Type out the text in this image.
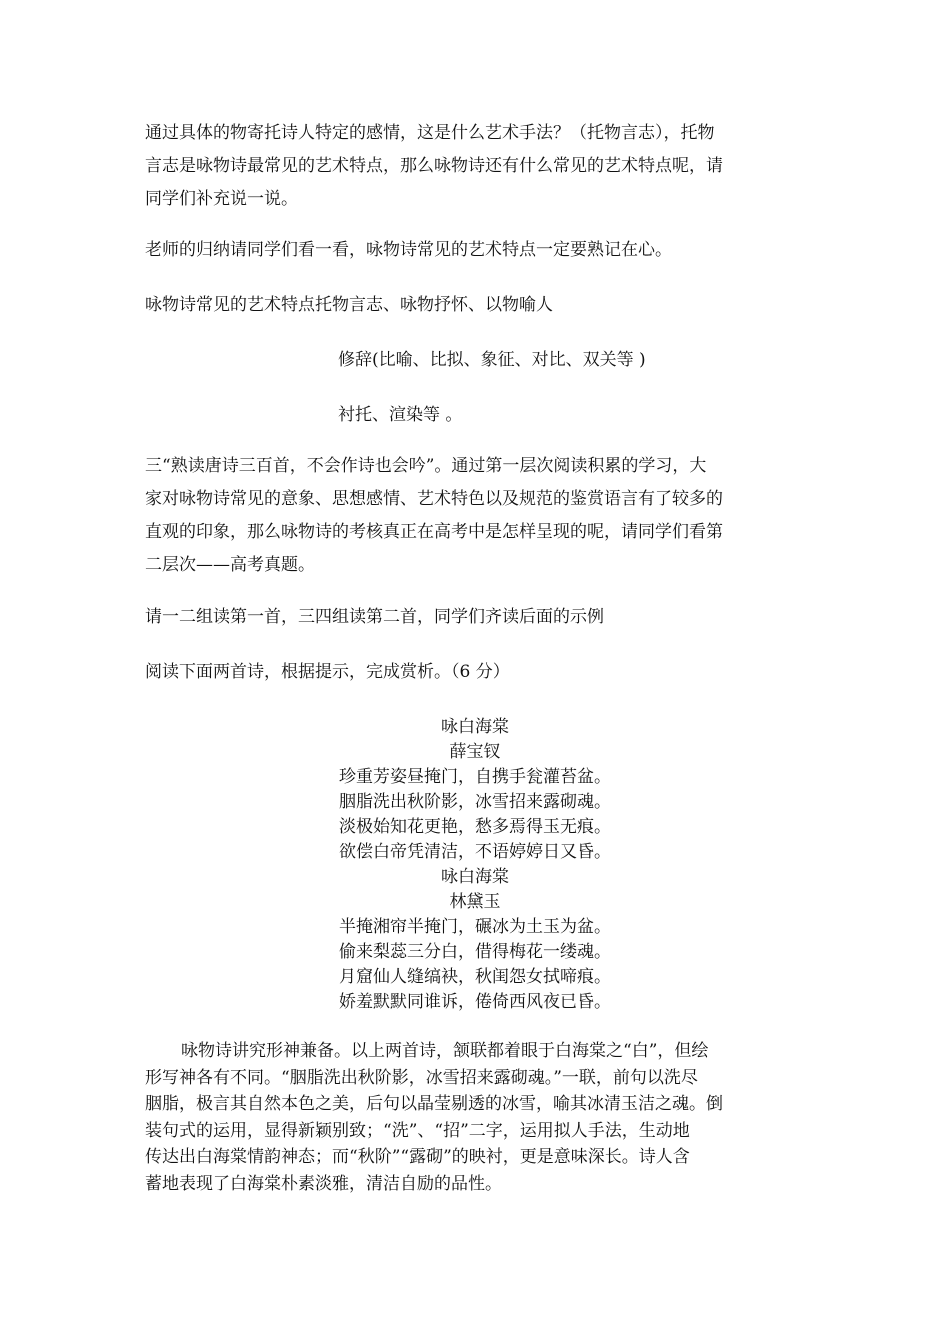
通过具体的物寄托诗人特定的感情，这是什么艺术手法？（托物言志），托物
言志是咏物诗最常见的艺术特点，那么咏物诗还有什么常见的艺术特点呢，请
同学们补充说一说。
老师的归纳请同学们看一看，咏物诗常见的艺术特点一定要熟记在心。
咏物诗常见的艺术特点托物言志、咏物抒怀、以物喻人
修辞(比喻、比拟、象征、对比、双关等 )
衬托、渲染等 。
三“熟读唐诗三百首，不会作诗也会吟”。通过第一层次阅读积累的学习，大
家对咏物诗常见的意象、思想感情、艺术特色以及规范的鉴赏语言有了较多的
直观的印象，那么咏物诗的考核真正在高考中是怎样呈现的呢，请同学们看第
二层次——高考真题。
请一二组读第一首，三四组读第二首，同学们齐读后面的示例
阅读下面两首诗，根据提示，完成赏析。（6 分）
咏白海棠
薛宝钗
珍重芳姿昼掩门，自携手瓮灌苔盆。
胭脂洗出秋阶影，冰雪招来露砌魂。
淡极始知花更艳，愁多焉得玉无痕。
欲偿白帝凭清洁，不语婷婷日又昏。
咏白海棠
林黛玉
半掩湘帘半掩门，碾冰为土玉为盆。
偷来梨蕊三分白，借得梅花一缕魂。
月窟仙人缝缟袂，秋闺怨女拭啼痕。
娇羞默默同谁诉，倦倚西风夜已昏。
咏物诗讲究形神兼备。以上两首诗，颔联都着眼于白海棠之“白”，但绘
形写神各有不同。“胭脂洗出秋阶影，冰雪招来露砌魂。”一联，前句以洗尽
胭脂，极言其自然本色之美，后句以晶莹剔透的冰雪，喻其冰清玉洁之魂。倒
装句式的运用，显得新颖别致；“洗”、“招”二字，运用拟人手法，生动地
传达出白海棠情韵神态；而“秋阶”“露砌”的映衬，更是意味深长。诗人含
蓄地表现了白海棠朴素淡雅，清洁自励的品性。
